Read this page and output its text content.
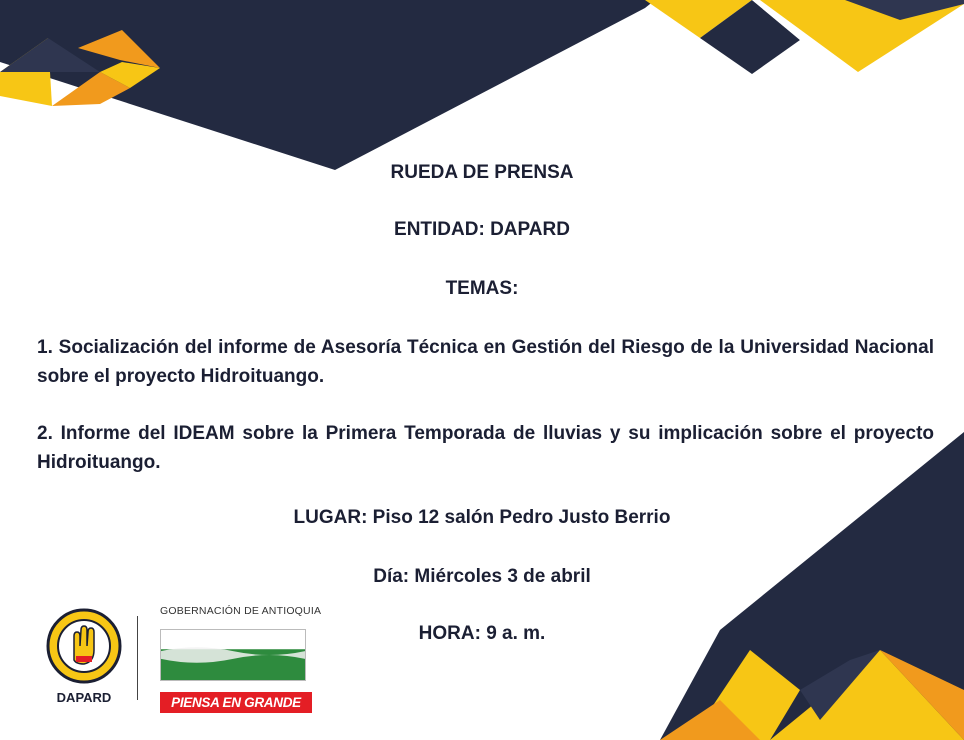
RUEDA DE PRENSA

ENTIDAD: DAPARD

TEMAS:

1. Socialización del informe de Asesoría Técnica en Gestión del Riesgo de la Universidad Nacional sobre el proyecto Hidroituango.

2. Informe del IDEAM sobre la Primera Temporada de lluvias y su implicación sobre el proyecto Hidroituango.

LUGAR: Piso 12 salón Pedro Justo Berrio

Día: Miércoles 3 de abril

HORA: 9 a. m.

DAPARD
GOBERNACIÓN DE ANTIOQUIA
PIENSA EN GRANDE
